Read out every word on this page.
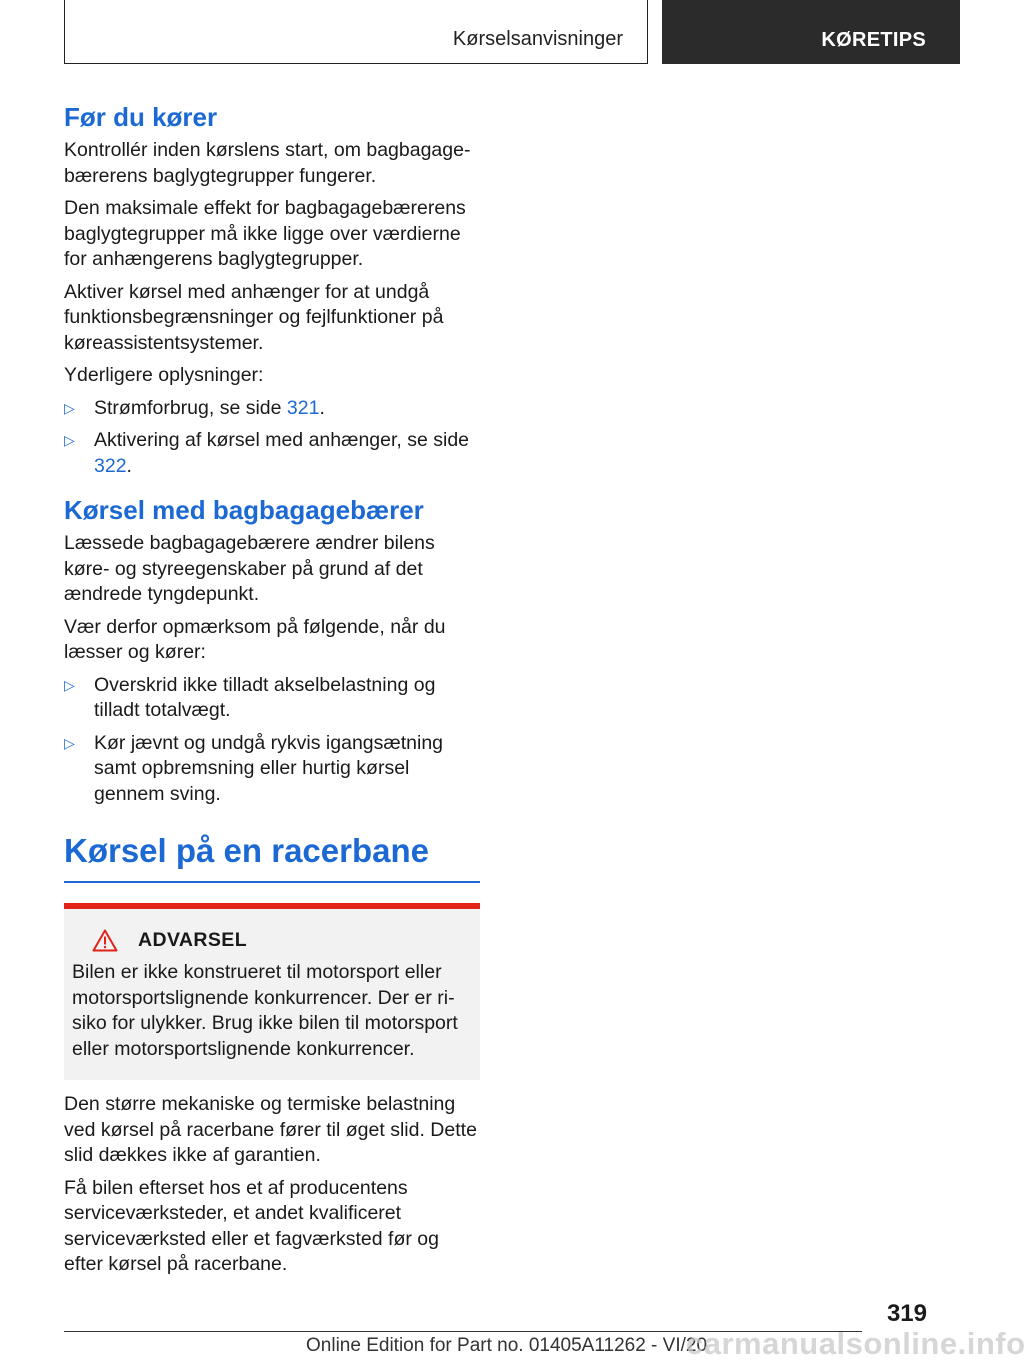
Kørselsanvisninger	KØRETIPS
Før du kører

Kontrollér inden kørslens start, om bagbagagebærerens baglygtegrupper fungerer.

Den maksimale effekt for bagbagagebærerens baglygtegrupper må ikke ligge over værdierne for anhængerens baglygtegrupper.

Aktiver kørsel med anhænger for at undgå funktionsbegrænsninger og fejlfunktioner på køreassistentsystemer.

Yderligere oplysninger:

▷ Strømforbrug, se side 321.
▷ Aktivering af kørsel med anhænger, se side 322.
Kørsel med bagbagagebærer

Læssede bagbagagebærere ændrer bilens køre- og styreegenskaber på grund af det ændrede tyngdepunkt.

Vær derfor opmærksom på følgende, når du læsser og kører:

▷ Overskrid ikke tilladt akselbelastning og tilladt totalvægt.
▷ Kør jævnt og undgå rykvis igangsætning samt opbremsning eller hurtig kørsel gennem sving.
Kørsel på en racerbane
ADVARSEL

Bilen er ikke konstrueret til motorsport eller motorsportslignende konkurrencer. Der er risiko for ulykker. Brug ikke bilen til motorsport eller motorsportslignende konkurrencer.

Den større mekaniske og termiske belastning ved kørsel på racerbane fører til øget slid. Dette slid dækkes ikke af garantien.

Få bilen efterset hos et af producentens serviceværksteder, et andet kvalificeret serviceværksted eller et fagværksted før og efter kørsel på racerbane.

319
Online Edition for Part no. 01405A11262 - VI/20
carmanualsonline.info
